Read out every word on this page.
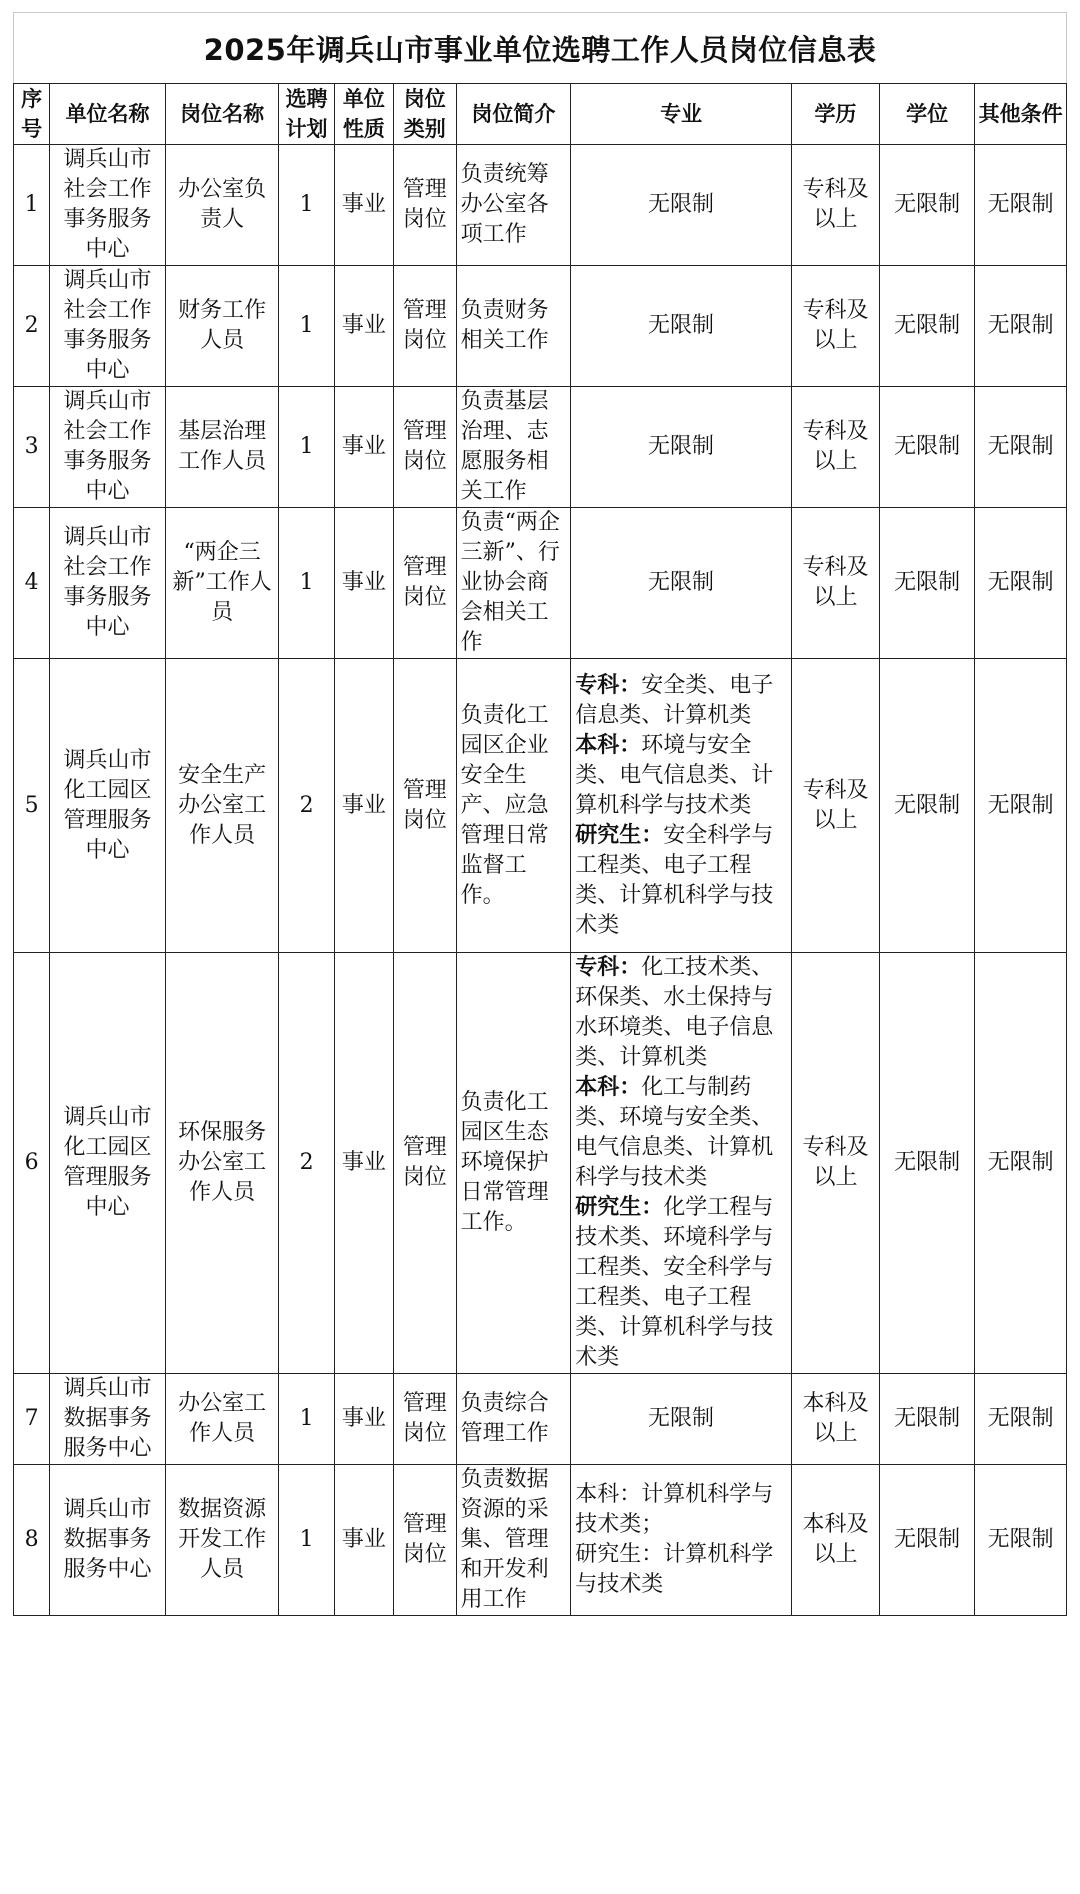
2025年调兵山市事业单位选聘工作人员岗位信息表
序号	单位名称	岗位名称	选聘计划	单位性质	岗位类别	岗位简介	专业	学历	学位	其他条件
1	调兵山市社会工作事务服务中心	办公室负责人	1	事业	管理岗位	负责统筹办公室各项工作	无限制	专科及以上	无限制	无限制
2	调兵山市社会工作事务服务中心	财务工作人员	1	事业	管理岗位	负责财务相关工作	无限制	专科及以上	无限制	无限制
3	调兵山市社会工作事务服务中心	基层治理工作人员	1	事业	管理岗位	负责基层治理、志愿服务相关工作	无限制	专科及以上	无限制	无限制
4	调兵山市社会工作事务服务中心	“两企三新”工作人员	1	事业	管理岗位	负责“两企三新”、行业协会商会相关工作	无限制	专科及以上	无限制	无限制
5	调兵山市化工园区管理服务中心	安全生产办公室工作人员	2	事业	管理岗位	负责化工园区企业安全生产、应急管理日常监督工作。	专科：安全类、电子信息类、计算机类
本科：环境与安全类、电气信息类、计算机科学与技术类
研究生：安全科学与工程类、电子工程类、计算机科学与技术类	专科及以上	无限制	无限制
6	调兵山市化工园区管理服务中心	环保服务办公室工作人员	2	事业	管理岗位	负责化工园区生态环境保护日常管理工作。	专科：化工技术类、环保类、水土保持与水环境类、电子信息类、计算机类
本科：化工与制药类、环境与安全类、电气信息类、计算机科学与技术类
研究生：化学工程与技术类、环境科学与工程类、安全科学与工程类、电子工程类、计算机科学与技术类	专科及以上	无限制	无限制
7	调兵山市数据事务服务中心	办公室工作人员	1	事业	管理岗位	负责综合管理工作	无限制	本科及以上	无限制	无限制
8	调兵山市数据事务服务中心	数据资源开发工作人员	1	事业	管理岗位	负责数据资源的采集、管理和开发利用工作	本科：计算机科学与技术类；
研究生：计算机科学与技术类	本科及以上	无限制	无限制
